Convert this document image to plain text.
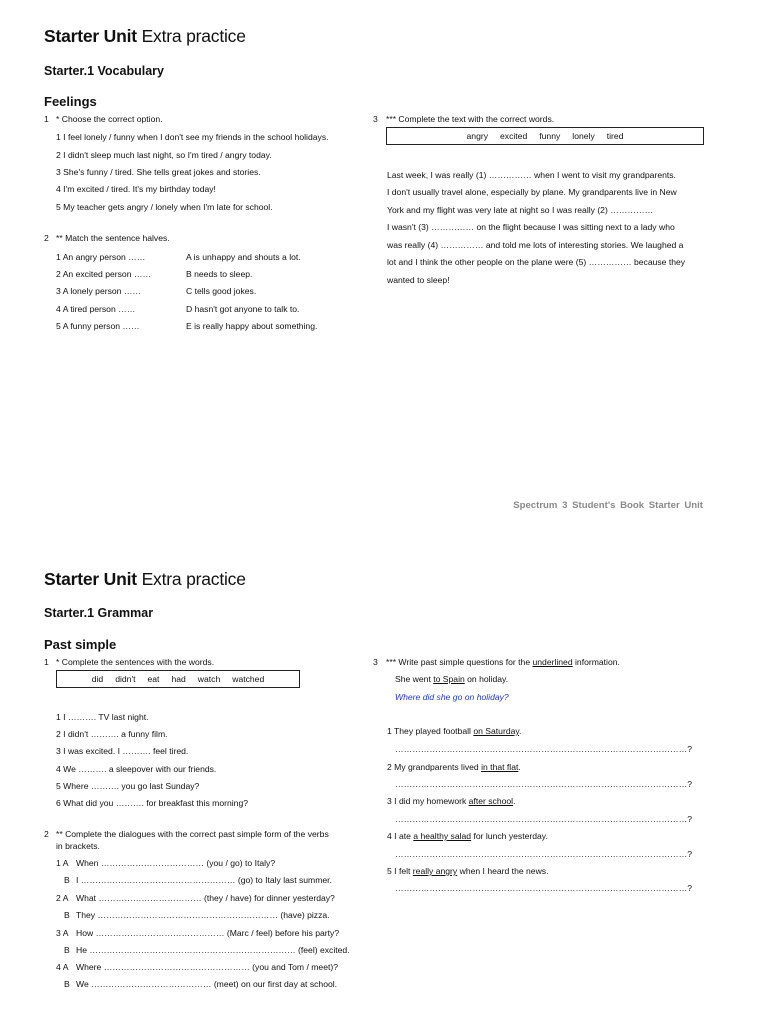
Starter Unit Extra practice
Starter.1 Vocabulary
Feelings
1 * Choose the correct option.
1 I feel lonely / funny when I don't see my friends in the school holidays.
2 I didn't sleep much last night, so I'm tired / angry today.
3 She's funny / tired. She tells great jokes and stories.
4 I'm excited / tired. It's my birthday today!
5 My teacher gets angry / lonely when I'm late for school.
2 ** Match the sentence halves.
1 An angry person ……
2 An excited person ……
3 A lonely person ……
4 A tired person ……
5 A funny person ……
A is unhappy and shouts a lot.
B needs to sleep.
C tells good jokes.
D hasn't got anyone to talk to.
E is really happy about something.
3 *** Complete the text with the correct words.
angry excited funny lonely tired
Last week, I was really (1) …………… when I went to visit my grandparents.
I don't usually travel alone, especially by plane. My grandparents live in New
York and my flight was very late at night so I was really (2) ……………
I wasn't (3) …………… on the flight because I was sitting next to a lady who
was really (4) …………… and told me lots of interesting stories. We laughed a
lot and I think the other people on the plane were (5) …………… because they
wanted to sleep!
Spectrum 3 Student's Book Starter Unit
Starter Unit Extra practice
Starter.1 Grammar
Past simple
1 * Complete the sentences with the words.
did didn't eat had watch watched
1 I ………. TV last night.
2 I didn't ………. a funny film.
3 I was excited. I ………. feel tired.
4 We ………. a sleepover with our friends.
5 Where ………. you go last Sunday?
6 What did you ………. for breakfast this morning?
2 ** Complete the dialogues with the correct past simple form of the verbs
in brackets.
1 A When ……………………………… (you / go) to Italy?
B I ……………………………………………… (go) to Italy last summer.
2 A What ……………………………… (they / have) for dinner yesterday?
B They ……………………………………………………… (have) pizza.
3 A How ……………………………………… (Marc / feel) before his party?
B He ……………………………………………………………… (feel) excited.
4 A Where …………………………………………… (you and Tom / meet)?
B We …………………………………… (meet) on our first day at school.
3 *** Write past simple questions for the underlined information.
She went to Spain on holiday.
Where did she go on holiday?
1 They played football on Saturday.
…………………………………………………………………………………………?
2 My grandparents lived in that flat.
…………………………………………………………………………………………?
3 I did my homework after school.
…………………………………………………………………………………………?
4 I ate a healthy salad for lunch yesterday.
…………………………………………………………………………………………?
5 I felt really angry when I heard the news.
…………………………………………………………………………………………?
